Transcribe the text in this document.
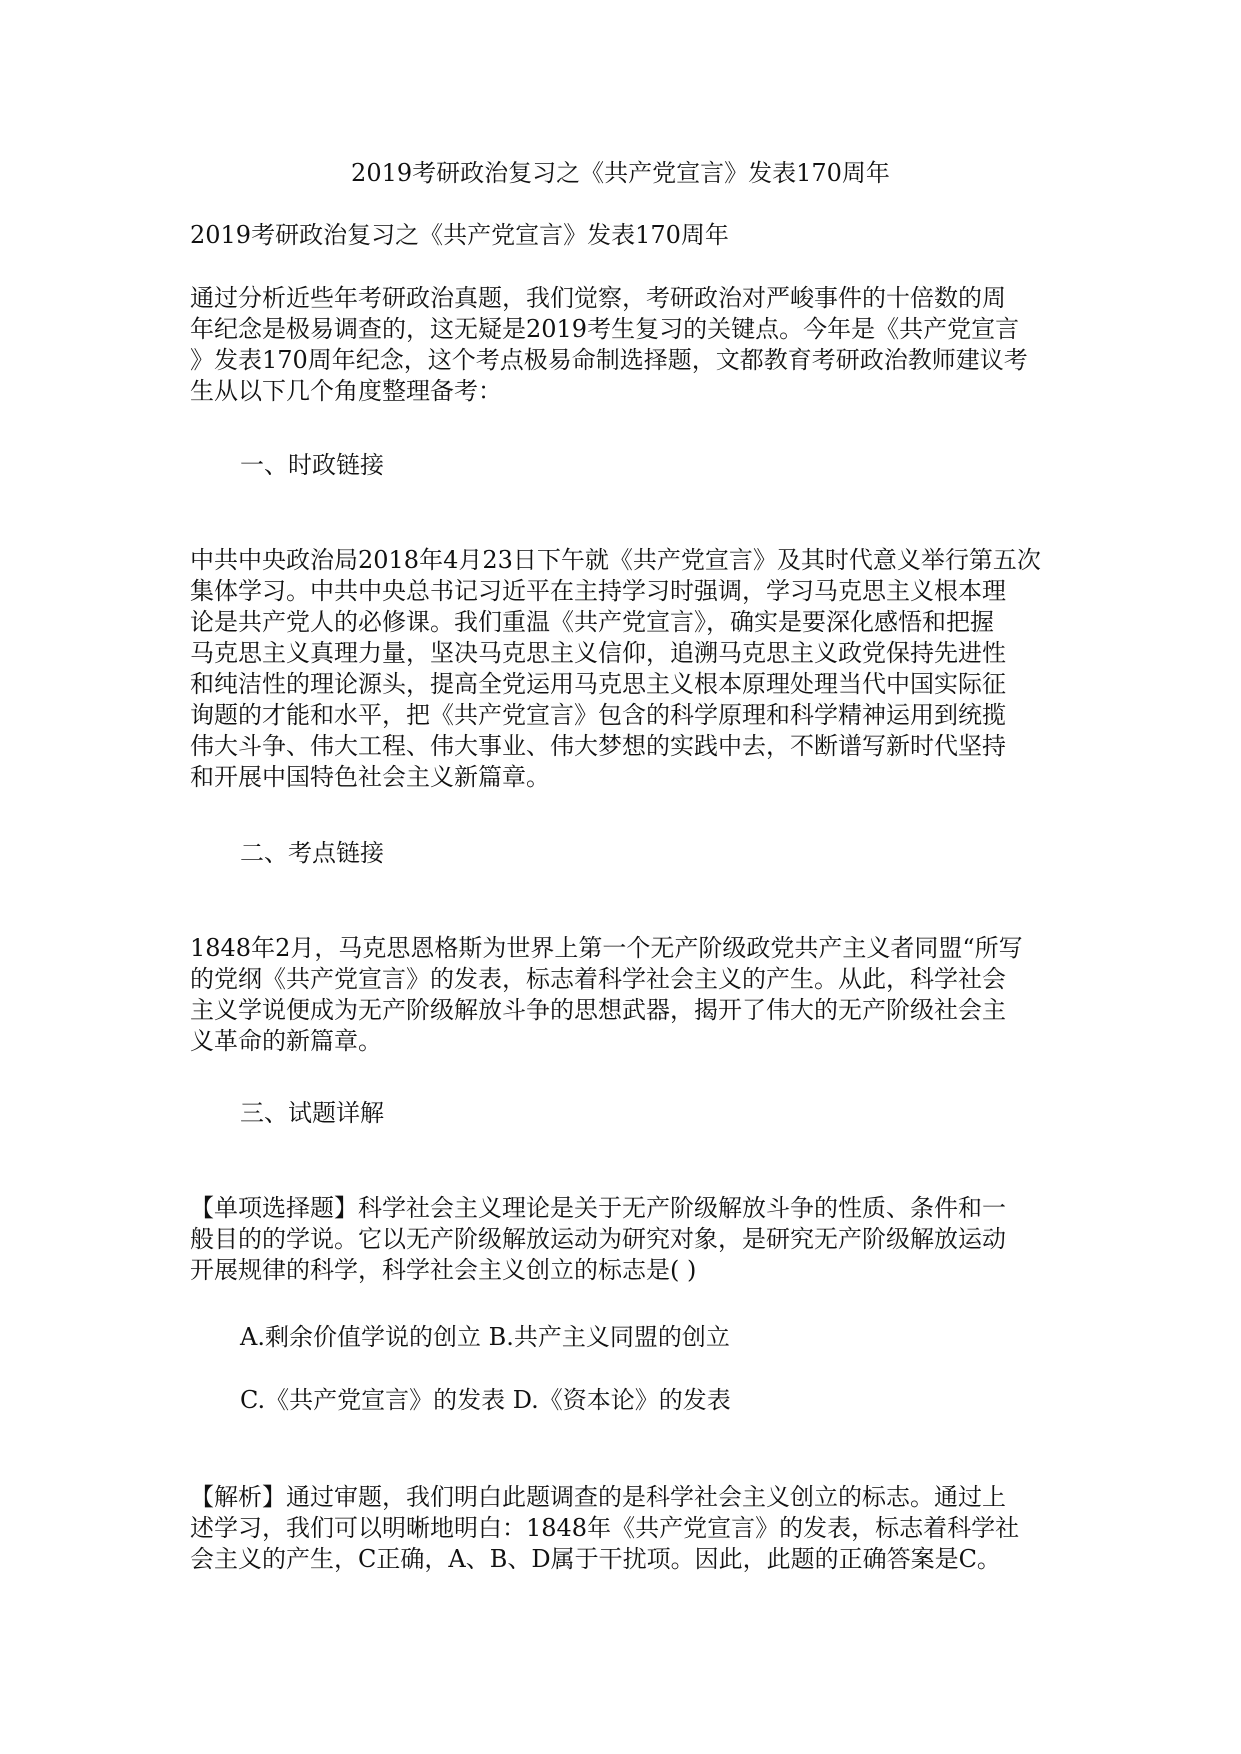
2019考研政治复习之《共产党宣言》发表170周年
2019考研政治复习之《共产党宣言》发表170周年
通过分析近些年考研政治真题，我们觉察，考研政治对严峻事件的十倍数的周
年纪念是极易调查的，这无疑是2019考生复习的关键点。今年是《共产党宣言
》发表170周年纪念，这个考点极易命制选择题，文都教育考研政治教师建议考
生从以下几个角度整理备考：
一、时政链接
中共中央政治局2018年4月23日下午就《共产党宣言》及其时代意义举行第五次
集体学习。中共中央总书记习近平在主持学习时强调，学习马克思主义根本理
论是共产党人的必修课。我们重温《共产党宣言》，确实是要深化感悟和把握
马克思主义真理力量，坚决马克思主义信仰，追溯马克思主义政党保持先进性
和纯洁性的理论源头，提高全党运用马克思主义根本原理处理当代中国实际征
询题的才能和水平，把《共产党宣言》包含的科学原理和科学精神运用到统揽
伟大斗争、伟大工程、伟大事业、伟大梦想的实践中去，不断谱写新时代坚持
和开展中国特色社会主义新篇章。
二、考点链接
1848年2月，马克思恩格斯为世界上第一个无产阶级政党共产主义者同盟“所写
的党纲《共产党宣言》的发表，标志着科学社会主义的产生。从此，科学社会
主义学说便成为无产阶级解放斗争的思想武器，揭开了伟大的无产阶级社会主
义革命的新篇章。
三、试题详解
【单项选择题】科学社会主义理论是关于无产阶级解放斗争的性质、条件和一
般目的的学说。它以无产阶级解放运动为研究对象，是研究无产阶级解放运动
开展规律的科学，科学社会主义创立的标志是( )
A.剩余价值学说的创立 B.共产主义同盟的创立
C.《共产党宣言》的发表 D.《资本论》的发表
【解析】通过审题，我们明白此题调查的是科学社会主义创立的标志。通过上
述学习，我们可以明晰地明白：1848年《共产党宣言》的发表，标志着科学社
会主义的产生，C正确，A、B、D属于干扰项。因此，此题的正确答案是C。
